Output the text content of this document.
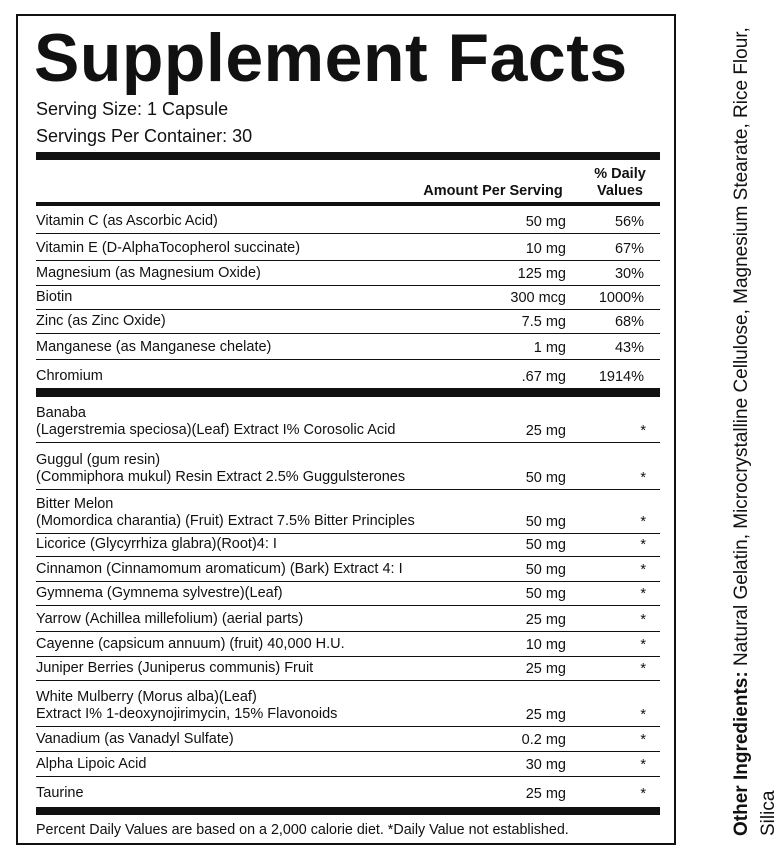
Supplement Facts
Serving Size: 1 Capsule
Servings Per Container: 30
Amount Per Serving
% Daily
Values
Vitamin C (as Ascorbic Acid)	50 mg	56%
Vitamin E (D-AlphaTocopherol succinate)	10 mg	67%
Magnesium (as Magnesium Oxide)	125 mg	30%
Biotin	300 mcg	1000%
Zinc (as Zinc Oxide)	7.5 mg	68%
Manganese (as Manganese chelate)	1 mg	43%
Chromium	.67 mg	1914%
Banaba
(Lagerstremia speciosa)(Leaf) Extract I% Corosolic Acid	25 mg	*
Guggul (gum resin)
(Commiphora mukul) Resin Extract 2.5% Guggulsterones	50 mg	*
Bitter Melon
(Momordica charantia) (Fruit) Extract 7.5% Bitter Principles	50 mg	*
Licorice (Glycyrrhiza glabra)(Root)4: I	50 mg	*
Cinnamon (Cinnamomum aromaticum) (Bark) Extract 4: I	50 mg	*
Gymnema (Gymnema sylvestre)(Leaf)	50 mg	*
Yarrow (Achillea millefolium) (aerial parts)	25 mg	*
Cayenne (capsicum annuum) (fruit) 40,000 H.U.	10 mg	*
Juniper Berries (Juniperus communis) Fruit	25 mg	*
White Mulberry (Morus alba)(Leaf)
Extract I% 1-deoxynojirimycin, 15% Flavonoids	25 mg	*
Vanadium (as Vanadyl Sulfate)	0.2 mg	*
Alpha Lipoic Acid	30 mg	*
Taurine	25 mg	*
Percent Daily Values are based on a 2,000 calorie diet. *Daily Value not established.	Other Ingredients: Natural Gelatin, Microcrystalline Cellulose, Magnesium Stearate, Rice Flour, Silica
